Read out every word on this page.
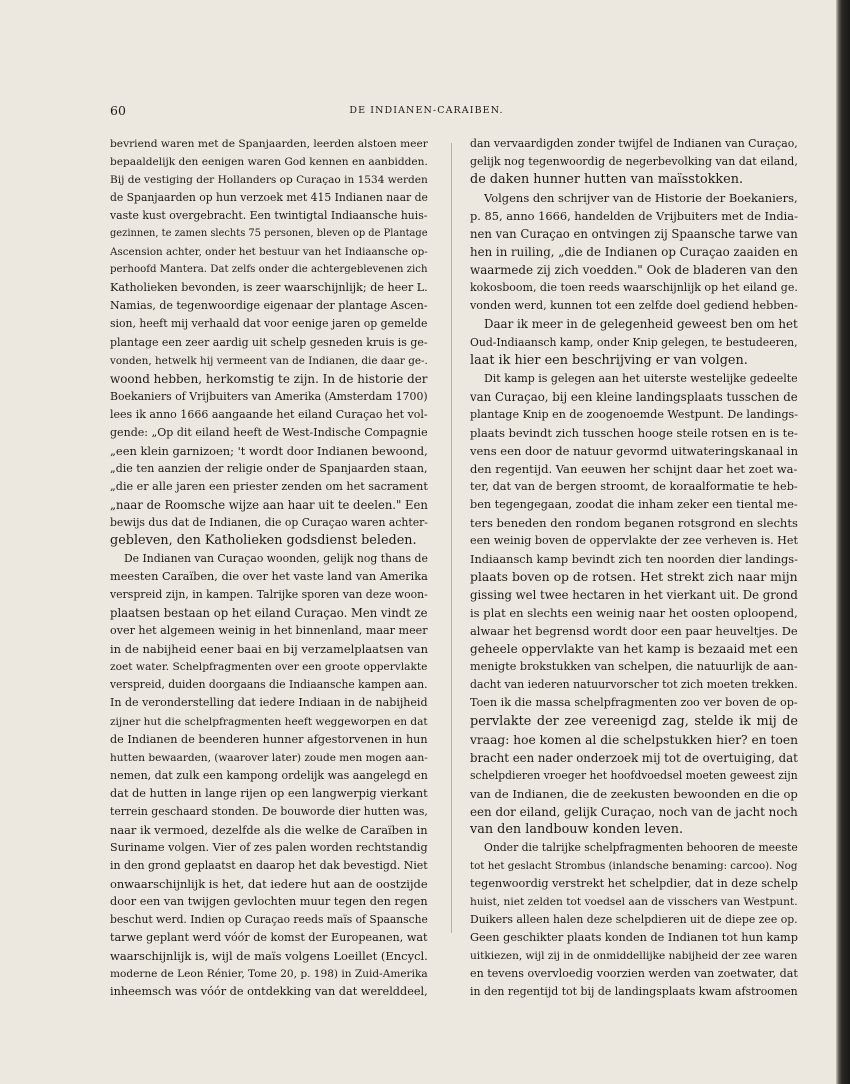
60	DE INDIANEN-CARAIBEN.
bevriend waren met de Spanjaarden, leerden alstoen meer
bepaaldelijk den eenigen waren God kennen en aanbidden.
Bij de vestiging der Hollanders op Curaçao in 1534 werden
de Spanjaarden op hun verzoek met 415 Indianen naar de
vaste kust overgebracht. Een twintigtal Indiaansche huis-
gezinnen, te zamen slechts 75 personen, bleven op de Plantage
Ascension achter, onder het bestuur van het Indiaansche op-
perhoofd Mantera. Dat zelfs onder die achtergeblevenen zich
Katholieken bevonden, is zeer waarschijnlijk; de heer L.
Namias, de tegenwoordige eigenaar der plantage Ascen-
sion, heeft mij verhaald dat voor eenige jaren op gemelde
plantage een zeer aardig uit schelp gesneden kruis is ge-
vonden, hetwelk hij vermeent van de Indianen, die daar ge-.
woond hebben, herkomstig te zijn. In de historie der
Boekaniers of Vrijbuiters van Amerika (Amsterdam 1700)
lees ik anno 1666 aangaande het eiland Curaçao het vol-
gende: „Op dit eiland heeft de West-Indische Compagnie
„een klein garnizoen; 't wordt door Indianen bewoond,
„die ten aanzien der religie onder de Spanjaarden staan,
„die er alle jaren een priester zenden om het sacrament
„naar de Roomsche wijze aan haar uit te deelen." Een
bewijs dus dat de Indianen, die op Curaçao waren achter-
gebleven, den Katholieken godsdienst beleden.
De Indianen van Curaçao woonden, gelijk nog thans de
meesten Caraïben, die over het vaste land van Amerika
verspreid zijn, in kampen. Talrijke sporen van deze woon-
plaatsen bestaan op het eiland Curaçao. Men vindt ze
over het algemeen weinig in het binnenland, maar meer
in de nabijheid eener baai en bij verzamelplaatsen van
zoet water. Schelpfragmenten over een groote oppervlakte
verspreid, duiden doorgaans die Indiaansche kampen aan.
In de veronderstelling dat iedere Indiaan in de nabijheid
zijner hut die schelpfragmenten heeft weggeworpen en dat
de Indianen de beenderen hunner afgestorvenen in hun
hutten bewaarden, (waarover later) zoude men mogen aan-
nemen, dat zulk een kampong ordelijk was aangelegd en
dat de hutten in lange rijen op een langwerpig vierkant
terrein geschaard stonden. De bouworde dier hutten was,
naar ik vermoed, dezelfde als die welke de Caraïben in
Suriname volgen. Vier of zes palen worden rechtstandig
in den grond geplaatst en daarop het dak bevestigd. Niet
onwaarschijnlijk is het, dat iedere hut aan de oostzijde
door een van twijgen gevlochten muur tegen den regen
beschut werd. Indien op Curaçao reeds maïs of Spaansche
tarwe geplant werd vóór de komst der Europeanen, wat
waarschijnlijk is, wijl de maïs volgens Loeillet (Encycl.
moderne de Leon Rénier, Tome 20, p. 198) in Zuid-Amerika
inheemsch was vóór de ontdekking van dat werelddeel,
dan vervaardigden zonder twijfel de Indianen van Curaçao,
gelijk nog tegenwoordig de negerbevolking van dat eiland,
de daken hunner hutten van maïsstokken.
Volgens den schrijver van de Historie der Boekaniers,
p. 85, anno 1666, handelden de Vrijbuiters met de India-
nen van Curaçao en ontvingen zij Spaansche tarwe van
hen in ruiling, „die de Indianen op Curaçao zaaiden en
waarmede zij zich voedden." Ook de bladeren van den
kokosboom, die toen reeds waarschijnlijk op het eiland ge.
vonden werd, kunnen tot een zelfde doel gediend hebben-
Daar ik meer in de gelegenheid geweest ben om het
Oud-Indiaansch kamp, onder Knip gelegen, te bestudeeren,
laat ik hier een beschrijving er van volgen.
Dit kamp is gelegen aan het uiterste westelijke gedeelte
van Curaçao, bij een kleine landingsplaats tusschen de
plantage Knip en de zoogenoemde Westpunt. De landings-
plaats bevindt zich tusschen hooge steile rotsen en is te-
vens een door de natuur gevormd uitwateringskanaal in
den regentijd. Van eeuwen her schijnt daar het zoet wa-
ter, dat van de bergen stroomt, de koraalformatie te heb-
ben tegengegaan, zoodat die inham zeker een tiental me-
ters beneden den rondom beganen rotsgrond en slechts
een weinig boven de oppervlakte der zee verheven is. Het
Indiaansch kamp bevindt zich ten noorden dier landings-
plaats boven op de rotsen. Het strekt zich naar mijn
gissing wel twee hectaren in het vierkant uit. De grond
is plat en slechts een weinig naar het oosten oploopend,
alwaar het begrensd wordt door een paar heuveltjes. De
geheele oppervlakte van het kamp is bezaaid met een
menigte brokstukken van schelpen, die natuurlijk de aan-
dacht van iederen natuurvorscher tot zich moeten trekken.
Toen ik die massa schelpfragmenten zoo ver boven de op-
pervlakte der zee vereenigd zag, stelde ik mij de
vraag: hoe komen al die schelpstukken hier? en toen
bracht een nader onderzoek mij tot de overtuiging, dat
schelpdieren vroeger het hoofdvoedsel moeten geweest zijn
van de Indianen, die de zeekusten bewoonden en die op
een dor eiland, gelijk Curaçao, noch van de jacht noch
van den landbouw konden leven.
Onder die talrijke schelpfragmenten behooren de meeste
tot het geslacht Strombus (inlandsche benaming: carcoo). Nog
tegenwoordig verstrekt het schelpdier, dat in deze schelp
huist, niet zelden tot voedsel aan de visschers van Westpunt.
Duikers alleen halen deze schelpdieren uit de diepe zee op.
Geen geschikter plaats konden de Indianen tot hun kamp
uitkiezen, wijl zij in de onmiddellijke nabijheid der zee waren
en tevens overvloedig voorzien werden van zoetwater, dat
in den regentijd tot bij de landingsplaats kwam afstroomen
